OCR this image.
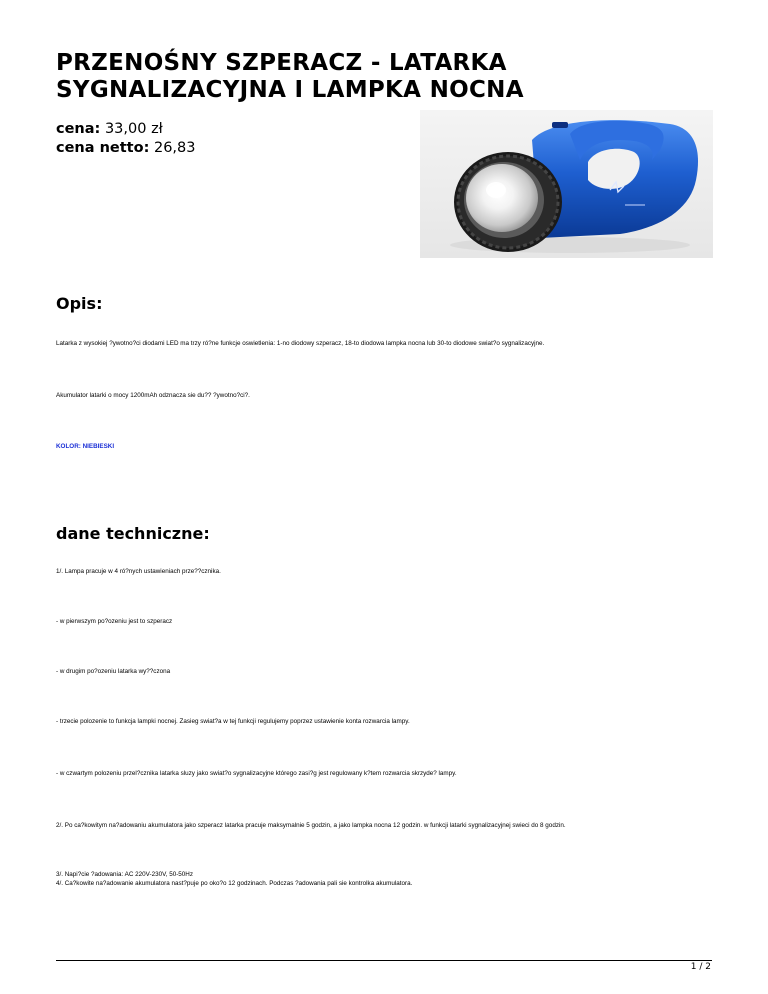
PRZENOŚNY SZPERACZ - LATARKA
SYGNALIZACYJNA I LAMPKA NOCNA
cena: 33,00 zł
cena netto: 26,83
Opis:
Latarka z wysokiej ?ywotno?ci diodami LED ma trzy ró?ne funkcje oswietlenia: 1-no diodowy szperacz, 18-to diodowa lampka nocna lub 30-to diodowe swiat?o sygnalizacyjne.
Akumulator latarki o mocy 1200mAh odznacza sie du?? ?ywotno?ci?.
KOLOR: NIEBIESKI
dane techniczne:
1/. Lampa pracuje w 4 ró?nych ustawieniach prze??cznika.
- w pierwszym po?ozeniu jest to szperacz
- w drugim po?ozeniu latarka wy??czona
- trzecie polozenie to funkcja lampki nocnej. Zasieg swiat?a w tej funkcji regulujemy poprzez ustawienie konta rozwarcia lampy.
- w czwartym polozeniu przel?cznika latarka sluzy jako swiat?o sygnalizacyjne którego zasi?g jest regulowany k?tem rozwarcia skrzyde? lampy.
2/. Po ca?kowitym na?adowaniu akumulatora jako szperacz latarka pracuje maksymalnie 5 godzin, a jako lampka nocna 12 godzin. w funkcji latarki sygnalizacyjnej swieci do 8 godzin.
3/. Napi?cie ?adowania: AC 220V-230V, 50-50Hz
4/. Ca?kowite na?adowanie akumulatora nast?puje po oko?o 12 godzinach. Podczas ?adowania pali sie kontrolka akumulatora.
1 / 2
